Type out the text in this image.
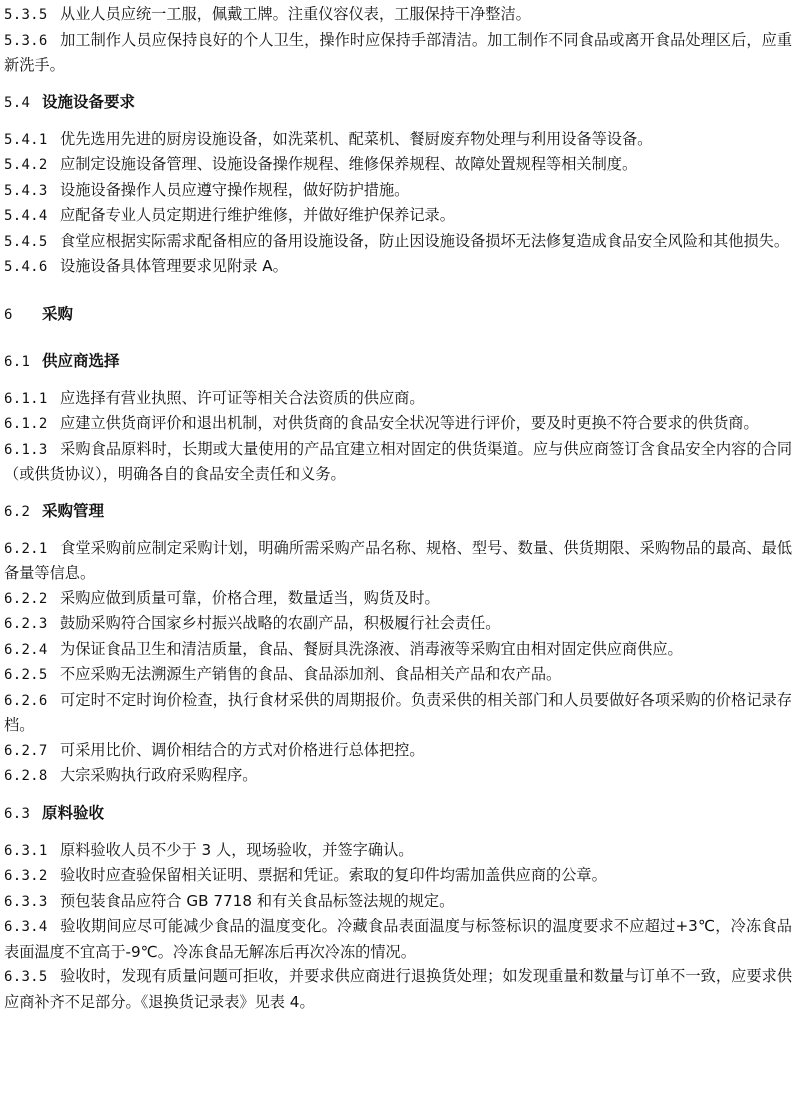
5.3.5 从业人员应统一工服，佩戴工牌。注重仪容仪表，工服保持干净整洁。

5.3.6 加工制作人员应保持良好的个人卫生，操作时应保持手部清洁。加工制作不同食品或离开食品处理区后，应重新洗手。

5.4 设施设备要求

5.4.1 优先选用先进的厨房设施设备，如洗菜机、配菜机、餐厨废弃物处理与利用设备等设备。

5.4.2 应制定设施设备管理、设施设备操作规程、维修保养规程、故障处置规程等相关制度。

5.4.3 设施设备操作人员应遵守操作规程，做好防护措施。

5.4.4 应配备专业人员定期进行维护维修，并做好维护保养记录。

5.4.5 食堂应根据实际需求配备相应的备用设施设备，防止因设施设备损坏无法修复造成食品安全风险和其他损失。

5.4.6 设施设备具体管理要求见附录 A。

6 采购
6.1 供应商选择

6.1.1 应选择有营业执照、许可证等相关合法资质的供应商。

6.1.2 应建立供货商评价和退出机制，对供货商的食品安全状况等进行评价，要及时更换不符合要求的供货商。

6.1.3 采购食品原料时，长期或大量使用的产品宜建立相对固定的供货渠道。应与供应商签订含食品安全内容的合同（或供货协议），明确各自的食品安全责任和义务。

6.2 采购管理

6.2.1 食堂采购前应制定采购计划，明确所需采购产品名称、规格、型号、数量、供货期限、采购物品的最高、最低备量等信息。

6.2.2 采购应做到质量可靠，价格合理，数量适当，购货及时。

6.2.3 鼓励采购符合国家乡村振兴战略的农副产品，积极履行社会责任。

6.2.4 为保证食品卫生和清洁质量，食品、餐厨具洗涤液、消毒液等采购宜由相对固定供应商供应。

6.2.5 不应采购无法溯源生产销售的食品、食品添加剂、食品相关产品和农产品。

6.2.6 可定时不定时询价检查，执行食材采供的周期报价。负责采供的相关部门和人员要做好各项采购的价格记录存档。

6.2.7 可采用比价、调价相结合的方式对价格进行总体把控。

6.2.8 大宗采购执行政府采购程序。

6.3 原料验收

6.3.1 原料验收人员不少于 3 人，现场验收，并签字确认。

6.3.2 验收时应查验保留相关证明、票据和凭证。索取的复印件均需加盖供应商的公章。

6.3.3 预包装食品应符合 GB 7718 和有关食品标签法规的规定。

6.3.4 验收期间应尽可能减少食品的温度变化。冷藏食品表面温度与标签标识的温度要求不应超过+3℃，冷冻食品表面温度不宜高于-9℃。冷冻食品无解冻后再次冷冻的情况。

6.3.5 验收时，发现有质量问题可拒收，并要求供应商进行退换货处理；如发现重量和数量与订单不一致，应要求供应商补齐不足部分。《退换货记录表》见表 4。
